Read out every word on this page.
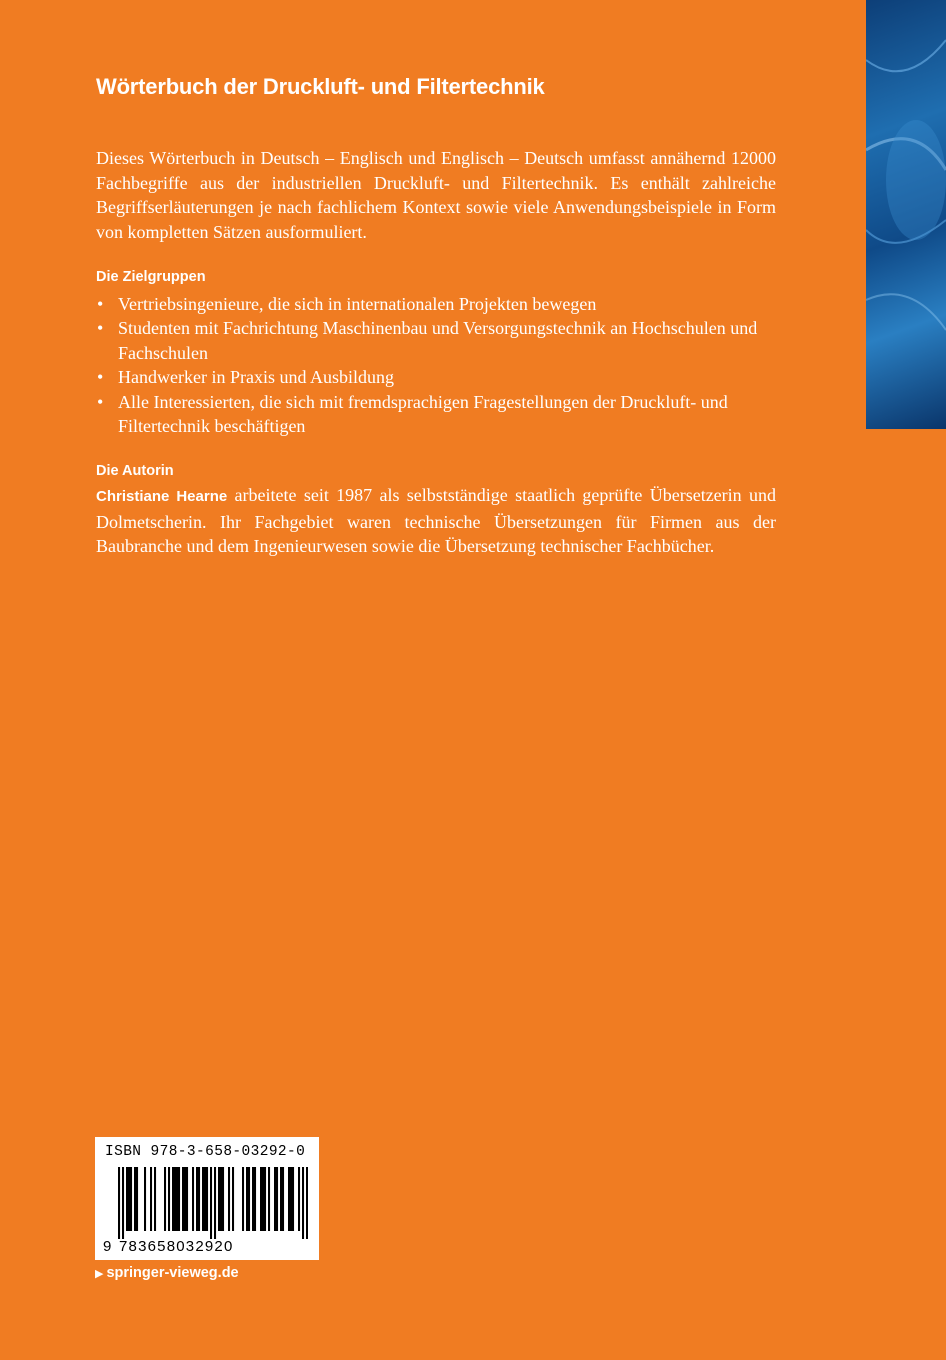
Wörterbuch der Druckluft- und Filtertechnik

Dieses Wörterbuch in Deutsch – Englisch und Englisch – Deutsch umfasst annähernd 12000 Fachbegriffe aus der industriellen Druckluft- und Filtertechnik. Es enthält zahlreiche Begriffserläuterungen je nach fachlichem Kontext sowie viele Anwendungsbeispiele in Form von kompletten Sätzen ausformuliert.

Die Zielgruppen

• Vertriebsingenieure, die sich in internationalen Projekten bewegen
• Studenten mit Fachrichtung Maschinenbau und Versorgungstechnik an Hochschulen und Fachschulen
• Handwerker in Praxis und Ausbildung
• Alle Interessierten, die sich mit fremdsprachigen Fragestellungen der Druckluft- und Filtertechnik beschäftigen

Die Autorin

Christiane Hearne arbeitete seit 1987 als selbstständige staatlich geprüfte Übersetzerin und Dolmetscherin. Ihr Fachgebiet waren technische Übersetzungen für Firmen aus der Baubranche und dem Ingenieurwesen sowie die Übersetzung technischer Fachbücher.

ISBN 978-3-658-03292-0
9 783658032920
▶ springer-vieweg.de
